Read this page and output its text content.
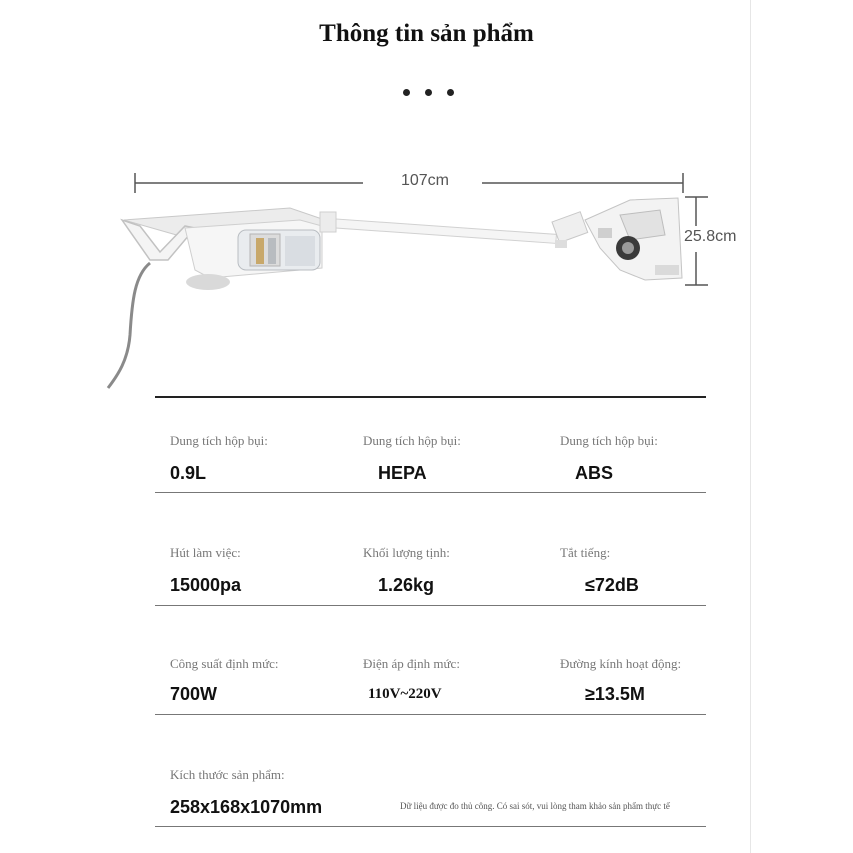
Thông tin sản phẩm
107cm
25.8cm
Dung tích hộp bụi:
0.9L
Dung tích hộp bụi:
HEPA
Dung tích hộp bụi:
ABS
Hút làm việc:
15000pa
Khối lượng tịnh:
1.26kg
Tắt tiếng:
≤72dB
Công suất định mức:
700W
Điện áp định mức:
110V~220V
Đường kính hoạt động:
≥13.5M
Kích thước sản phẩm:
258x168x1070mm	Dữ liệu được đo thủ công. Có sai sót, vui lòng tham khảo sản phẩm thực tế
